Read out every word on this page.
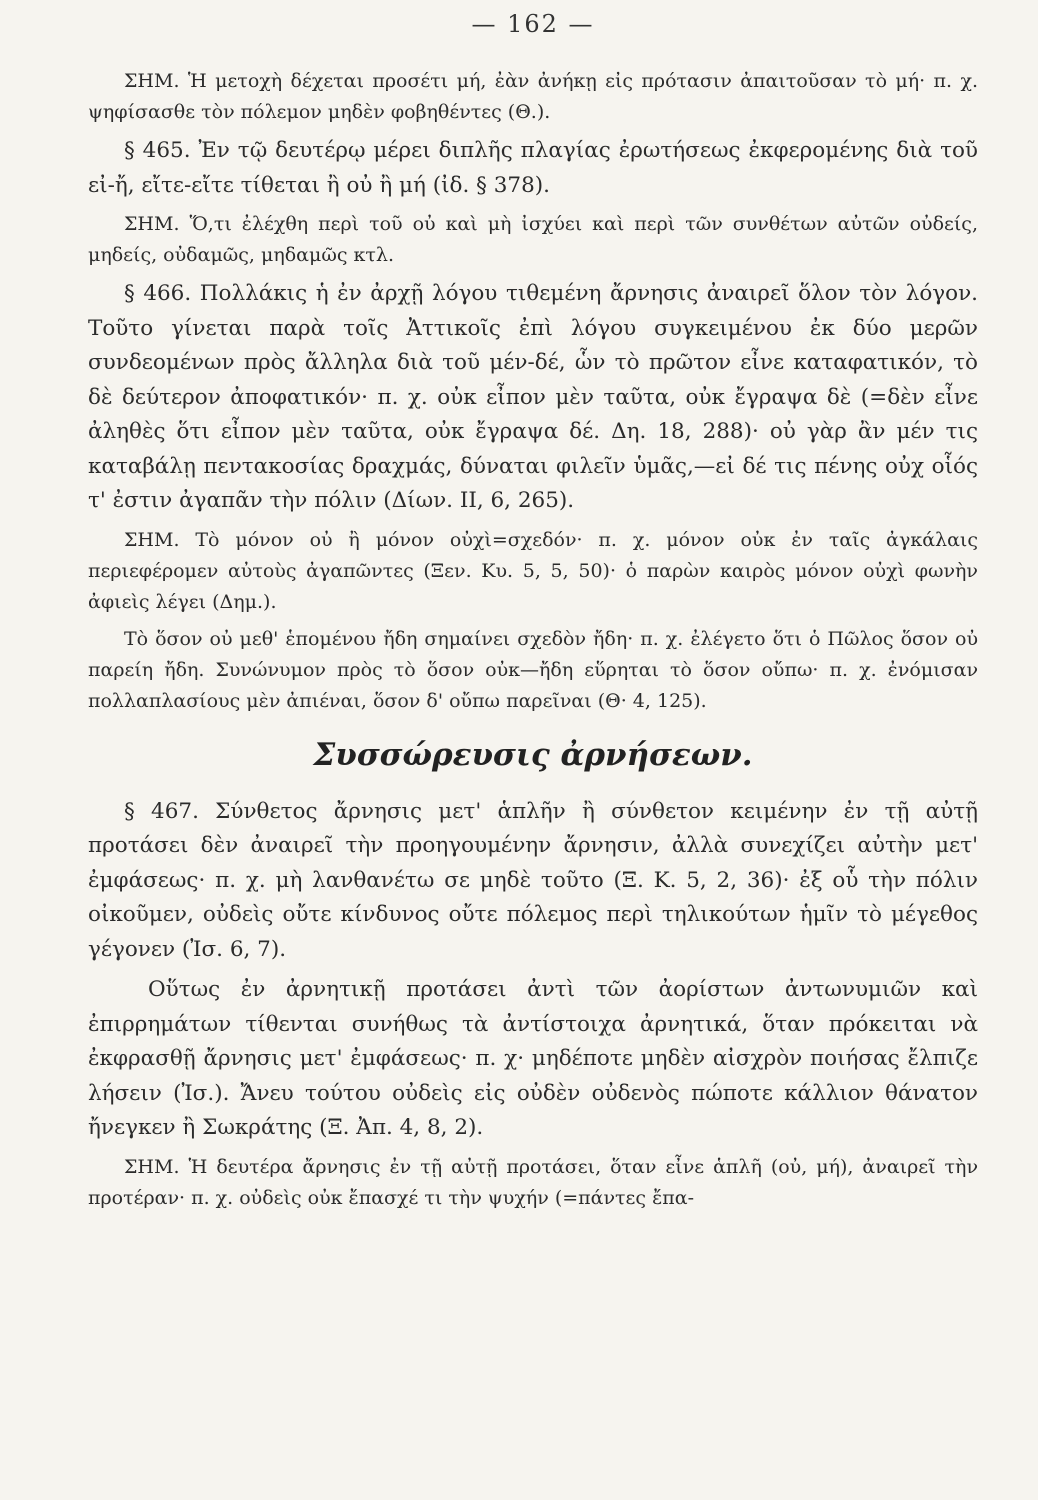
— 162 —

ΣΗΜ. Ἡ μετοχὴ δέχεται προσέτι μή, ἐὰν ἀνήκῃ εἰς πρότασιν ἀπαιτοῦσαν τὸ μή· π. χ. ψηφίσασθε τὸν πόλεμον μηδὲν φοβηθέντες (Θ.).

§ 465. Ἐν τῷ δευτέρῳ μέρει διπλῆς πλαγίας ἐρωτήσεως ἐκφερομένης διὰ τοῦ εἰ-ἤ, εἴτε-εἴτε τίθεται ἢ οὐ ἢ μή (ἰδ. § 378).

ΣΗΜ. Ὅ,τι ἐλέχθη περὶ τοῦ οὐ καὶ μὴ ἰσχύει καὶ περὶ τῶν συνθέτων αὐτῶν οὐδείς, μηδείς, οὐδαμῶς, μηδαμῶς κτλ.

§ 466. Πολλάκις ἡ ἐν ἀρχῇ λόγου τιθεμένη ἄρνησις ἀναιρεῖ ὅλον τὸν λόγον. Τοῦτο γίνεται παρὰ τοῖς Ἀττικοῖς ἐπὶ λόγου συγκειμένου ἐκ δύο μερῶν συνδεομένων πρὸς ἄλληλα διὰ τοῦ μέν-δέ, ὧν τὸ πρῶτον εἶνε καταφατικόν, τὸ δὲ δεύτερον ἀποφατικόν· π. χ. οὐκ εἶπον μὲν ταῦτα, οὐκ ἔγραψα δὲ (=δὲν εἶνε ἀληθὲς ὅτι εἶπον μὲν ταῦτα, οὐκ ἔγραψα δέ. Δη. 18, 288)· οὐ γὰρ ἂν μέν τις καταβάλῃ πεντακοσίας δραχμάς, δύναται φιλεῖν ὑμᾶς,—εἰ δέ τις πένης οὐχ οἷός τ' ἐστιν ἀγαπᾶν τὴν πόλιν (Δίων. II, 6, 265).

ΣΗΜ. Τὸ μόνον οὐ ἢ μόνον οὐχὶ=σχεδόν· π. χ. μόνον οὐκ ἐν ταῖς ἀγκάλαις περιεφέρομεν αὐτοὺς ἀγαπῶντες (Ξεν. Κυ. 5, 5, 50)· ὁ παρὼν καιρὸς μόνον οὐχὶ φωνὴν ἀφιεὶς λέγει (Δημ.).

Τὸ ὅσον οὐ μεθ' ἑπομένου ἤδη σημαίνει σχεδὸν ἤδη· π. χ. ἐλέγετο ὅτι ὁ Πῶλος ὅσον οὐ παρείη ἤδη. Συνώνυμον πρὸς τὸ ὅσον οὐκ—ἤδη εὕρηται τὸ ὅσον οὔπω· π. χ. ἐνόμισαν πολλαπλασίους μὲν ἀπιέναι, ὅσον δ' οὔπω παρεῖναι (Θ· 4, 125).

Συσσώρευσις ἀρνήσεων.

§ 467. Σύνθετος ἄρνησις μετ' ἁπλῆν ἢ σύνθετον κειμένην ἐν τῇ αὐτῇ προτάσει δὲν ἀναιρεῖ τὴν προηγουμένην ἄρνησιν, ἀλλὰ συνεχίζει αὐτὴν μετ' ἐμφάσεως· π. χ. μὴ λανθανέτω σε μηδὲ τοῦτο (Ξ. Κ. 5, 2, 36)· ἐξ οὗ τὴν πόλιν οἰκοῦμεν, οὐδεὶς οὔτε κίνδυνος οὔτε πόλεμος περὶ τηλικούτων ἡμῖν τὸ μέγεθος γέγονεν (Ἰσ. 6, 7).

Οὕτως ἐν ἀρνητικῇ προτάσει ἀντὶ τῶν ἀορίστων ἀντωνυμιῶν καὶ ἐπιρρημάτων τίθενται συνήθως τὰ ἀντίστοιχα ἀρνητικά, ὅταν πρόκειται νὰ ἐκφρασθῇ ἄρνησις μετ' ἐμφάσεως· π. χ· μηδέποτε μηδὲν αἰσχρὸν ποιήσας ἔλπιζε λήσειν (Ἰσ.). Ἄνευ τούτου οὐδεὶς εἰς οὐδὲν οὐδενὸς πώποτε κάλλιον θάνατον ἤνεγκεν ἢ Σωκράτης (Ξ. Ἀπ. 4, 8, 2).

ΣΗΜ. Ἡ δευτέρα ἄρνησις ἐν τῇ αὐτῇ προτάσει, ὅταν εἶνε ἁπλῆ (οὐ, μή), ἀναιρεῖ τὴν προτέραν· π. χ. οὐδεὶς οὐκ ἔπασχέ τι τὴν ψυχήν (=πάντες ἔπα-
